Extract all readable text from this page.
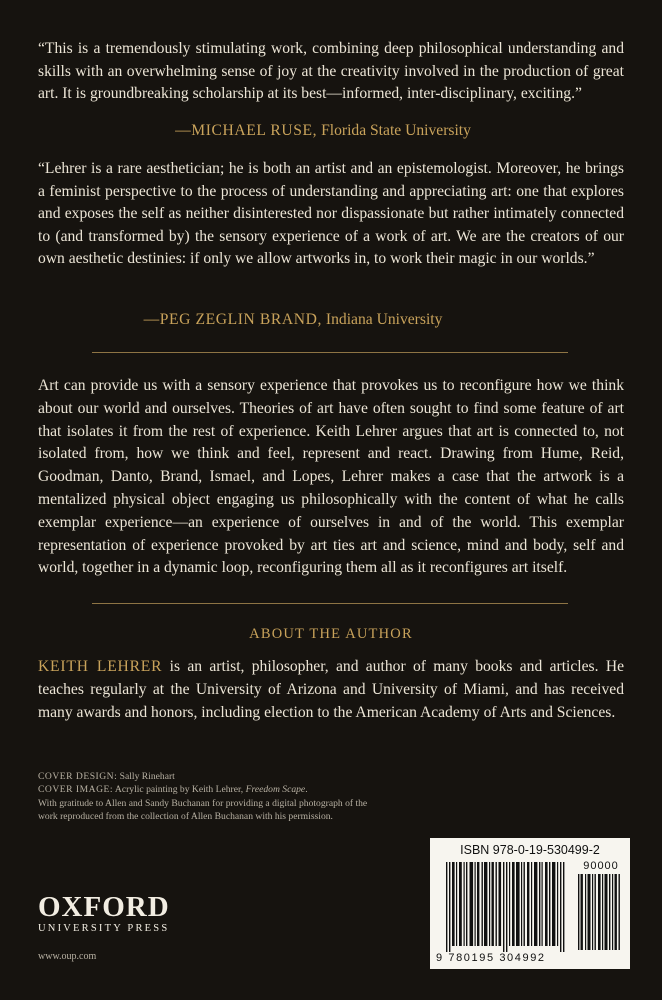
“This is a tremendously stimulating work, combining deep philosophical understanding and skills with an overwhelming sense of joy at the creativity involved in the production of great art. It is groundbreaking scholarship at its best—informed, inter-disciplinary, exciting.”
—MICHAEL RUSE, Florida State University
“Lehrer is a rare aesthetician; he is both an artist and an epistemologist. Moreover, he brings a feminist perspective to the process of understanding and appreciating art: one that explores and exposes the self as neither disinterested nor dispassionate but rather intimately connected to (and transformed by) the sensory experience of a work of art. We are the creators of our own aesthetic destinies: if only we allow artworks in, to work their magic in our worlds.”
—PEG ZEGLIN BRAND, Indiana University
Art can provide us with a sensory experience that provokes us to reconfigure how we think about our world and ourselves. Theories of art have often sought to find some feature of art that isolates it from the rest of experience. Keith Lehrer argues that art is connected to, not isolated from, how we think and feel, represent and react. Drawing from Hume, Reid, Goodman, Danto, Brand, Ismael, and Lopes, Lehrer makes a case that the artwork is a mentalized physical object engaging us philosophically with the content of what he calls exemplar experience—an experience of ourselves in and of the world. This exemplar representation of experience provoked by art ties art and science, mind and body, self and world, together in a dynamic loop, reconfiguring them all as it reconfigures art itself.
ABOUT THE AUTHOR
KEITH LEHRER is an artist, philosopher, and author of many books and articles. He teaches regularly at the University of Arizona and University of Miami, and has received many awards and honors, including election to the American Academy of Arts and Sciences.
COVER DESIGN: Sally Rinehart
COVER IMAGE: Acrylic painting by Keith Lehrer, Freedom Scape.
With gratitude to Allen and Sandy Buchanan for providing a digital photograph of the work reproduced from the collection of Allen Buchanan with his permission.
OXFORD
UNIVERSITY PRESS
www.oup.com
ISBN 978-0-19-530499-2
90000
9 780195 304992
